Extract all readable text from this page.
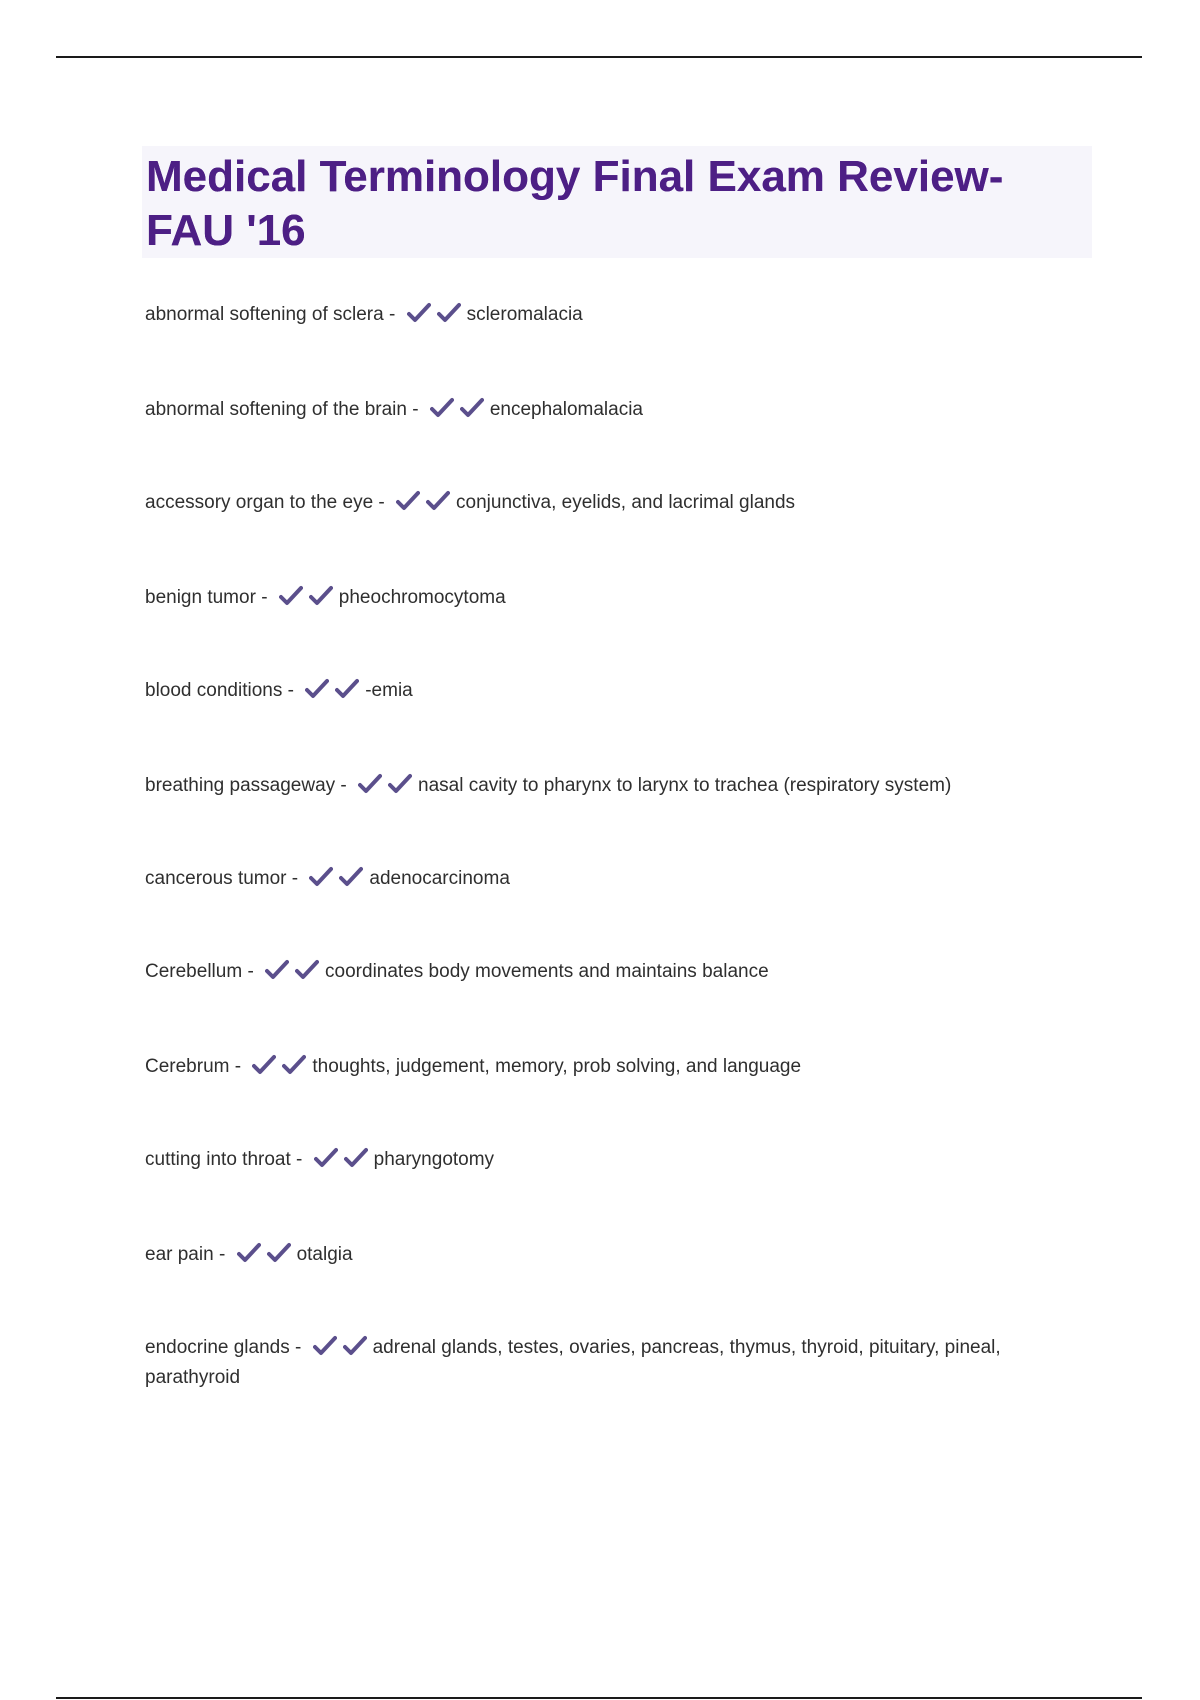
Medical Terminology Final Exam Review-
FAU '16
abnormal softening of sclera -	scleromalacia
abnormal softening of the brain -	encephalomalacia
accessory organ to the eye -	conjunctiva, eyelids, and lacrimal glands
benign tumor -	pheochromocytoma
blood conditions -	-emia
breathing passageway -	nasal cavity to pharynx to larynx to trachea (respiratory system)
cancerous tumor -	adenocarcinoma
Cerebellum -	coordinates body movements and maintains balance
Cerebrum -	thoughts, judgement, memory, prob solving, and language
cutting into throat -	pharyngotomy
ear pain -	otalgia
endocrine glands -	adrenal glands, testes, ovaries, pancreas, thymus, thyroid, pituitary, pineal, parathyroid
